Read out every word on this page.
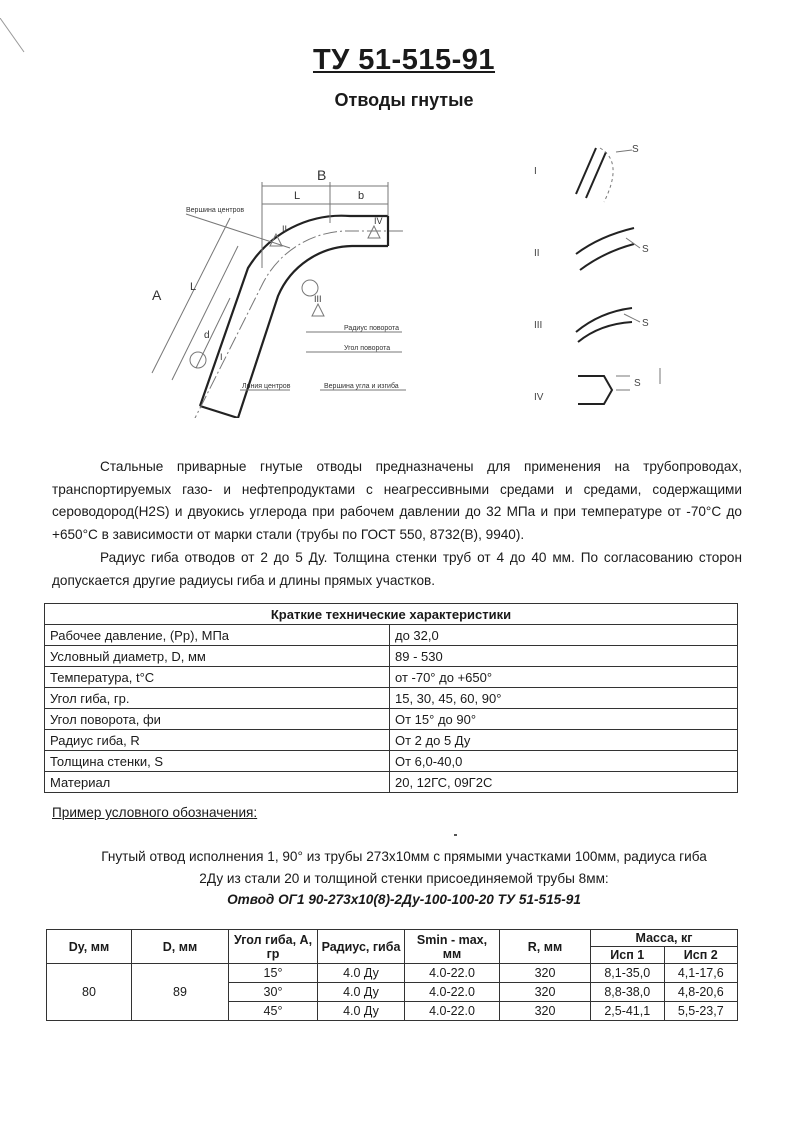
ТУ 51-515-91
Отводы гнутые
B
L	b
A	L
d
II
IV
III
I
Вершина центров
Радиус поворота
Угол поворота
Линия центров	Вершина угла и изгиба
I
S
II	S
III	S
IV
S

Стальные приварные гнутые отводы предназначены для применения на трубопроводах, транспортируемых газо- и нефтепродуктами с неагрессивными средами и средами, содержащими сероводород(H2S) и двуокись углерода при рабочем давлении до 32 МПа и при температуре от -70°С до +650°С в зависимости от марки стали (трубы по ГОСТ 550, 8732(В), 9940).

Радиус гиба отводов от 2 до 5 Ду. Толщина стенки труб от 4 до 40 мм. По согласованию сторон допускается другие радиусы гиба и длины прямых участков.

Краткие технические характеристики	
Рабочее давление, (Рр), МПа	до 32,0
Условный диаметр, D, мм	89 - 530
Температура, t°C	от -70° до +650°
Угол гиба, гр.	15, 30, 45, 60, 90°
Угол поворота, фи	От 15° до 90°
Радиус гиба, R	От 2 до 5 Ду
Толщина стенки, S	От 6,0-40,0
Материал	20, 12ГС, 09Г2С
Пример условного обозначения:
Гнутый отвод исполнения 1, 90° из трубы 273х10мм с прямыми участками 100мм, радиуса гиба
2Ду из стали 20 и толщиной стенки присоединяемой трубы 8мм:
Отвод ОГ1 90-273х10(8)-2Ду-100-100-20 ТУ 51-515-91
Dy, мм	D, мм	Угол гиба, А, гр	Радиус, гиба	Smin - max, мм	R, мм	Масса, кг	
						Исп 1	Исп 2
80	89	15°	4.0 Ду	4.0-22.0	320	8,1-35,0	4,1-17,6
		30°	4.0 Ду	4.0-22.0	320	8,8-38,0	4,8-20,6
		45°	4.0 Ду	4.0-22.0	320	2,5-41,1	5,5-23,7
